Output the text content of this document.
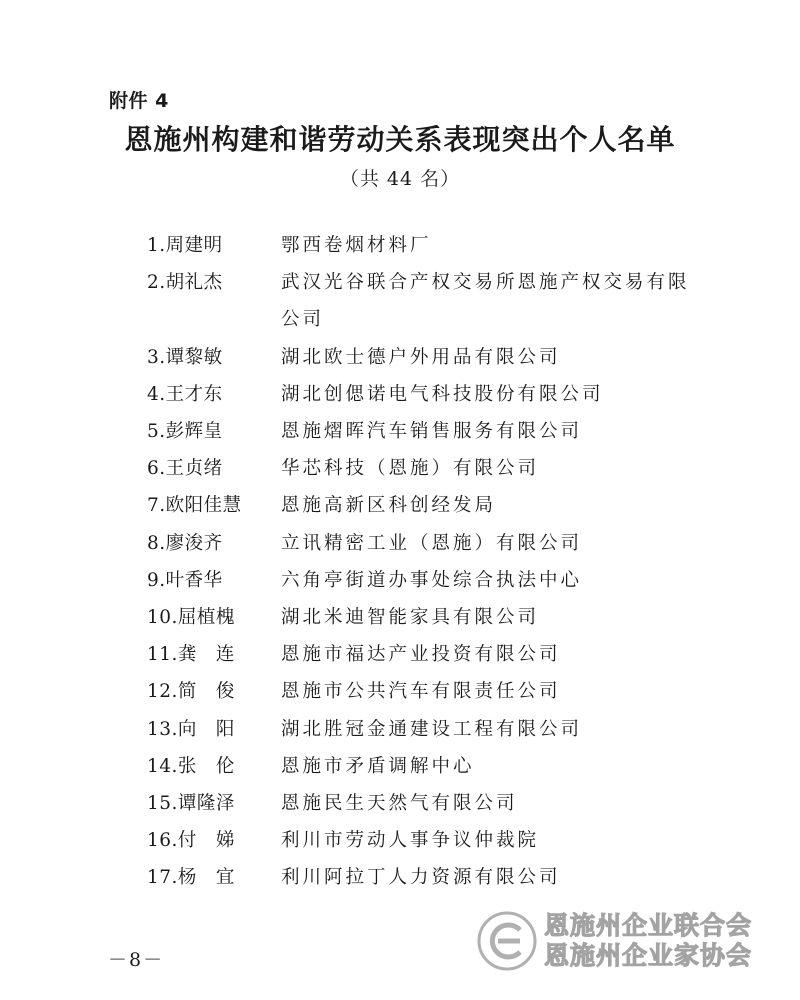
附件 4
恩施州构建和谐劳动关系表现突出个人名单
（共 44 名）
1.周建明	鄂西卷烟材料厂
2.胡礼杰	武汉光谷联合产权交易所恩施产权交易有限公司
3.谭黎敏	湖北欧士德户外用品有限公司
4.王才东	湖北创偲诺电气科技股份有限公司
5.彭辉皇	恩施熠晖汽车销售服务有限公司
6.王贞绪	华芯科技（恩施）有限公司
7.欧阳佳慧	恩施高新区科创经发局
8.廖浚齐	立讯精密工业（恩施）有限公司
9.叶香华	六角亭街道办事处综合执法中心
10.屈植槐	湖北米迪智能家具有限公司
11.龚　连	恩施市福达产业投资有限公司
12.简　俊	恩施市公共汽车有限责任公司
13.向　阳	湖北胜冠金通建设工程有限公司
14.张　伦	恩施市矛盾调解中心
15.谭隆泽	恩施民生天然气有限公司
16.付　娣	利川市劳动人事争议仲裁院
17.杨　宜	利川阿拉丁人力资源有限公司
－8－
恩施州企业联合会
恩施州企业家协会
